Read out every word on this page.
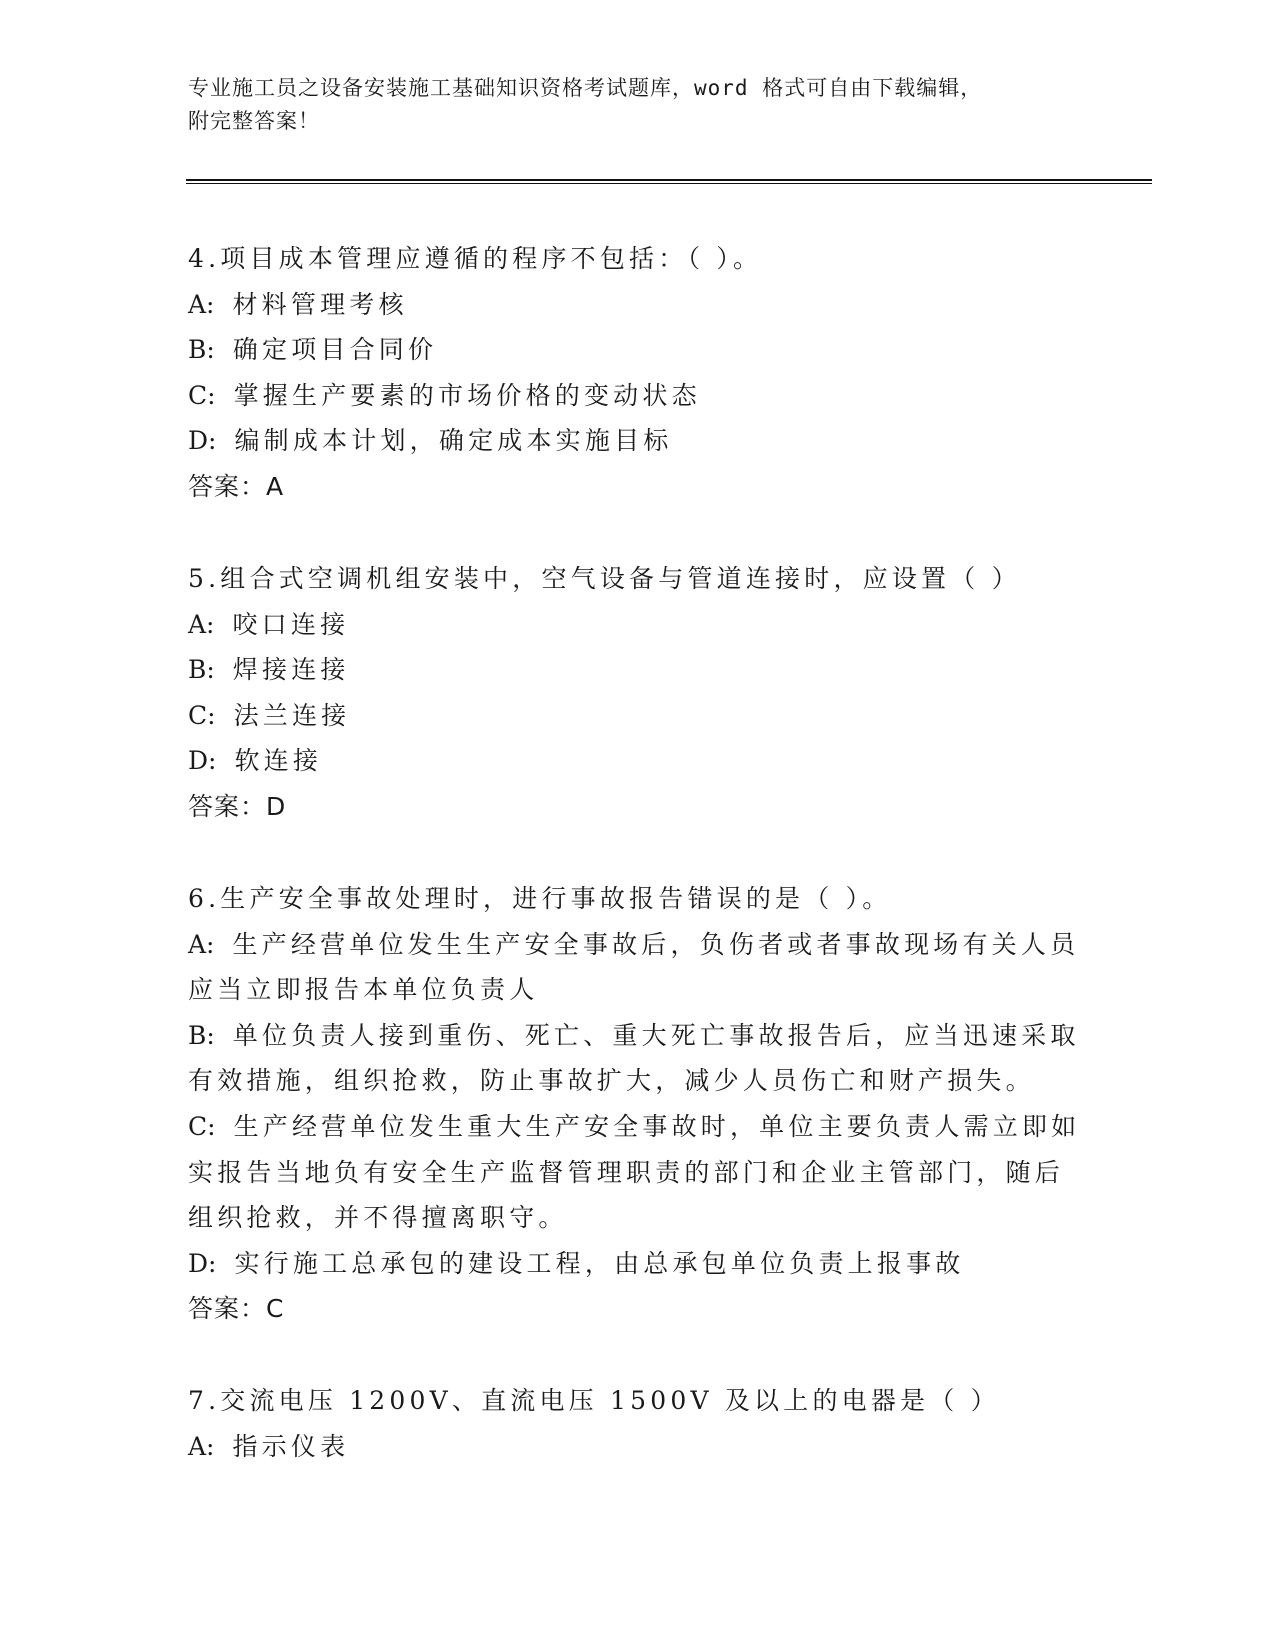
专业施工员之设备安装施工基础知识资格考试题库，word 格式可自由下载编辑，
附完整答案！

4.项目成本管理应遵循的程序不包括：（ ）。

A: 材料管理考核

B: 确定项目合同价

C: 掌握生产要素的市场价格的变动状态

D: 编制成本计划，确定成本实施目标

答案：A

5.组合式空调机组安装中，空气设备与管道连接时，应设置（ ）

A: 咬口连接

B: 焊接连接

C: 法兰连接

D: 软连接

答案：D

6.生产安全事故处理时，进行事故报告错误的是（ ）。

A: 生产经营单位发生生产安全事故后，负伤者或者事故现场有关人员应当立即报告本单位负责人

B: 单位负责人接到重伤、死亡、重大死亡事故报告后，应当迅速采取有效措施，组织抢救，防止事故扩大，减少人员伤亡和财产损失。

C: 生产经营单位发生重大生产安全事故时，单位主要负责人需立即如实报告当地负有安全生产监督管理职责的部门和企业主管部门，随后组织抢救，并不得擅离职守。

D: 实行施工总承包的建设工程，由总承包单位负责上报事故

答案：C

7.交流电压 1200V、直流电压 1500V 及以上的电器是（ ）

A: 指示仪表
